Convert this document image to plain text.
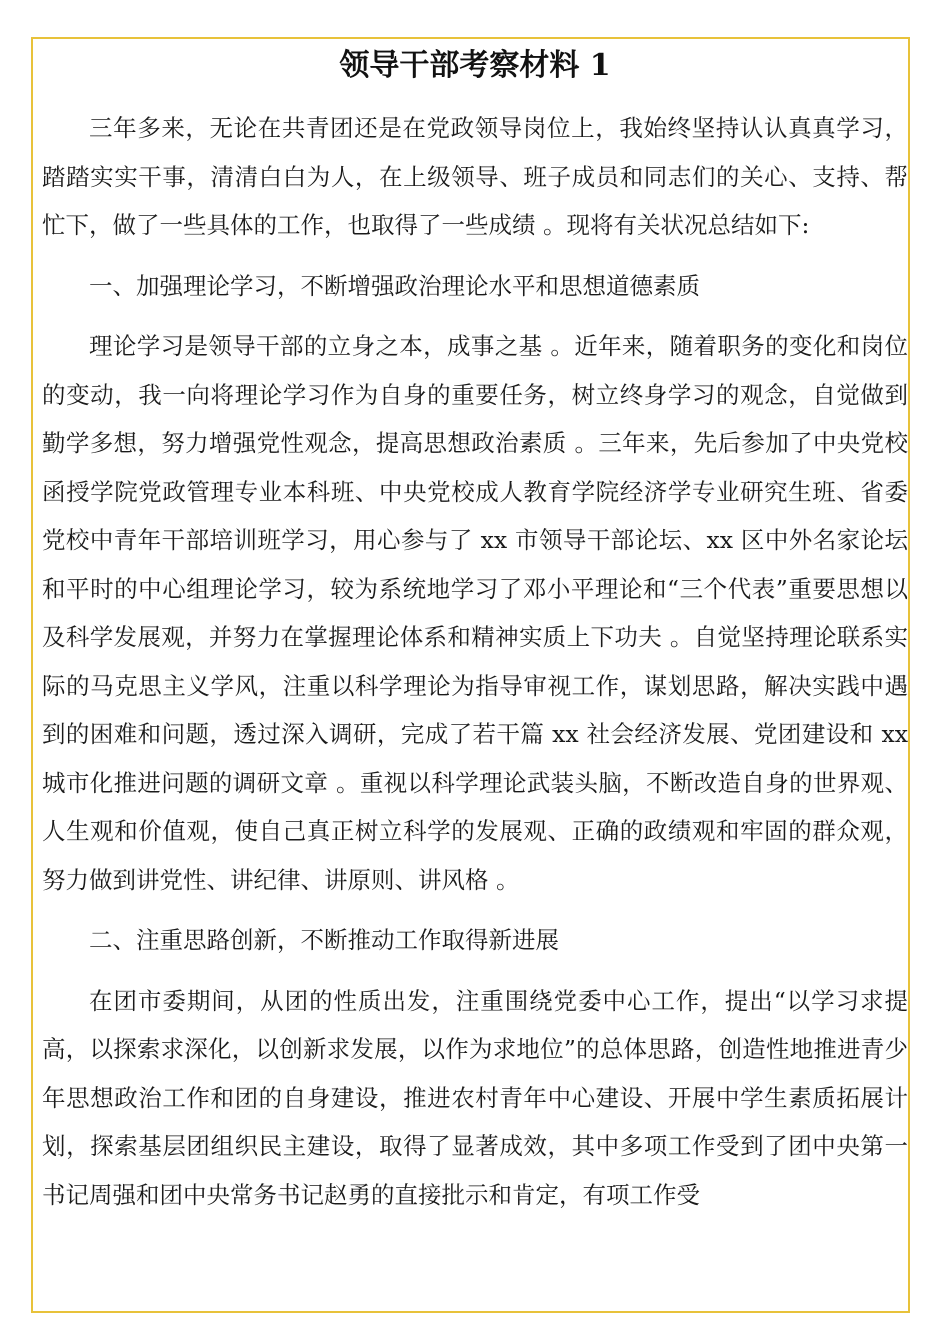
领导干部考察材料 1

三年多来，无论在共青团还是在党政领导岗位上，我始终坚持认认真真学习，踏踏实实干事，清清白白为人，在上级领导、班子成员和同志们的关心、支持、帮忙下，做了一些具体的工作，也取得了一些成绩 。现将有关状况总结如下:

一、加强理论学习，不断增强政治理论水平和思想道德素质

理论学习是领导干部的立身之本，成事之基 。近年来，随着职务的变化和岗位的变动，我一向将理论学习作为自身的重要任务，树立终身学习的观念，自觉做到勤学多想，努力增强党性观念，提高思想政治素质 。三年来，先后参加了中央党校函授学院党政管理专业本科班、中央党校成人教育学院经济学专业研究生班、省委党校中青年干部培训班学习，用心参与了 xx 市领导干部论坛、xx 区中外名家论坛和平时的中心组理论学习，较为系统地学习了邓小平理论和“三个代表”重要思想以及科学发展观，并努力在掌握理论体系和精神实质上下功夫 。自觉坚持理论联系实际的马克思主义学风，注重以科学理论为指导审视工作，谋划思路，解决实践中遇到的困难和问题，透过深入调研，完成了若干篇 xx 社会经济发展、党团建设和 xx 城市化推进问题的调研文章 。重视以科学理论武装头脑，不断改造自身的世界观、人生观和价值观，使自己真正树立科学的发展观、正确的政绩观和牢固的群众观，努力做到讲党性、讲纪律、讲原则、讲风格 。

二、注重思路创新，不断推动工作取得新进展

在团市委期间，从团的性质出发，注重围绕党委中心工作，提出“以学习求提高，以探索求深化，以创新求发展，以作为求地位”的总体思路，创造性地推进青少年思想政治工作和团的自身建设，推进农村青年中心建设、开展中学生素质拓展计划，探索基层团组织民主建设，取得了显著成效，其中多项工作受到了团中央第一书记周强和团中央常务书记赵勇的直接批示和肯定，有项工作受
